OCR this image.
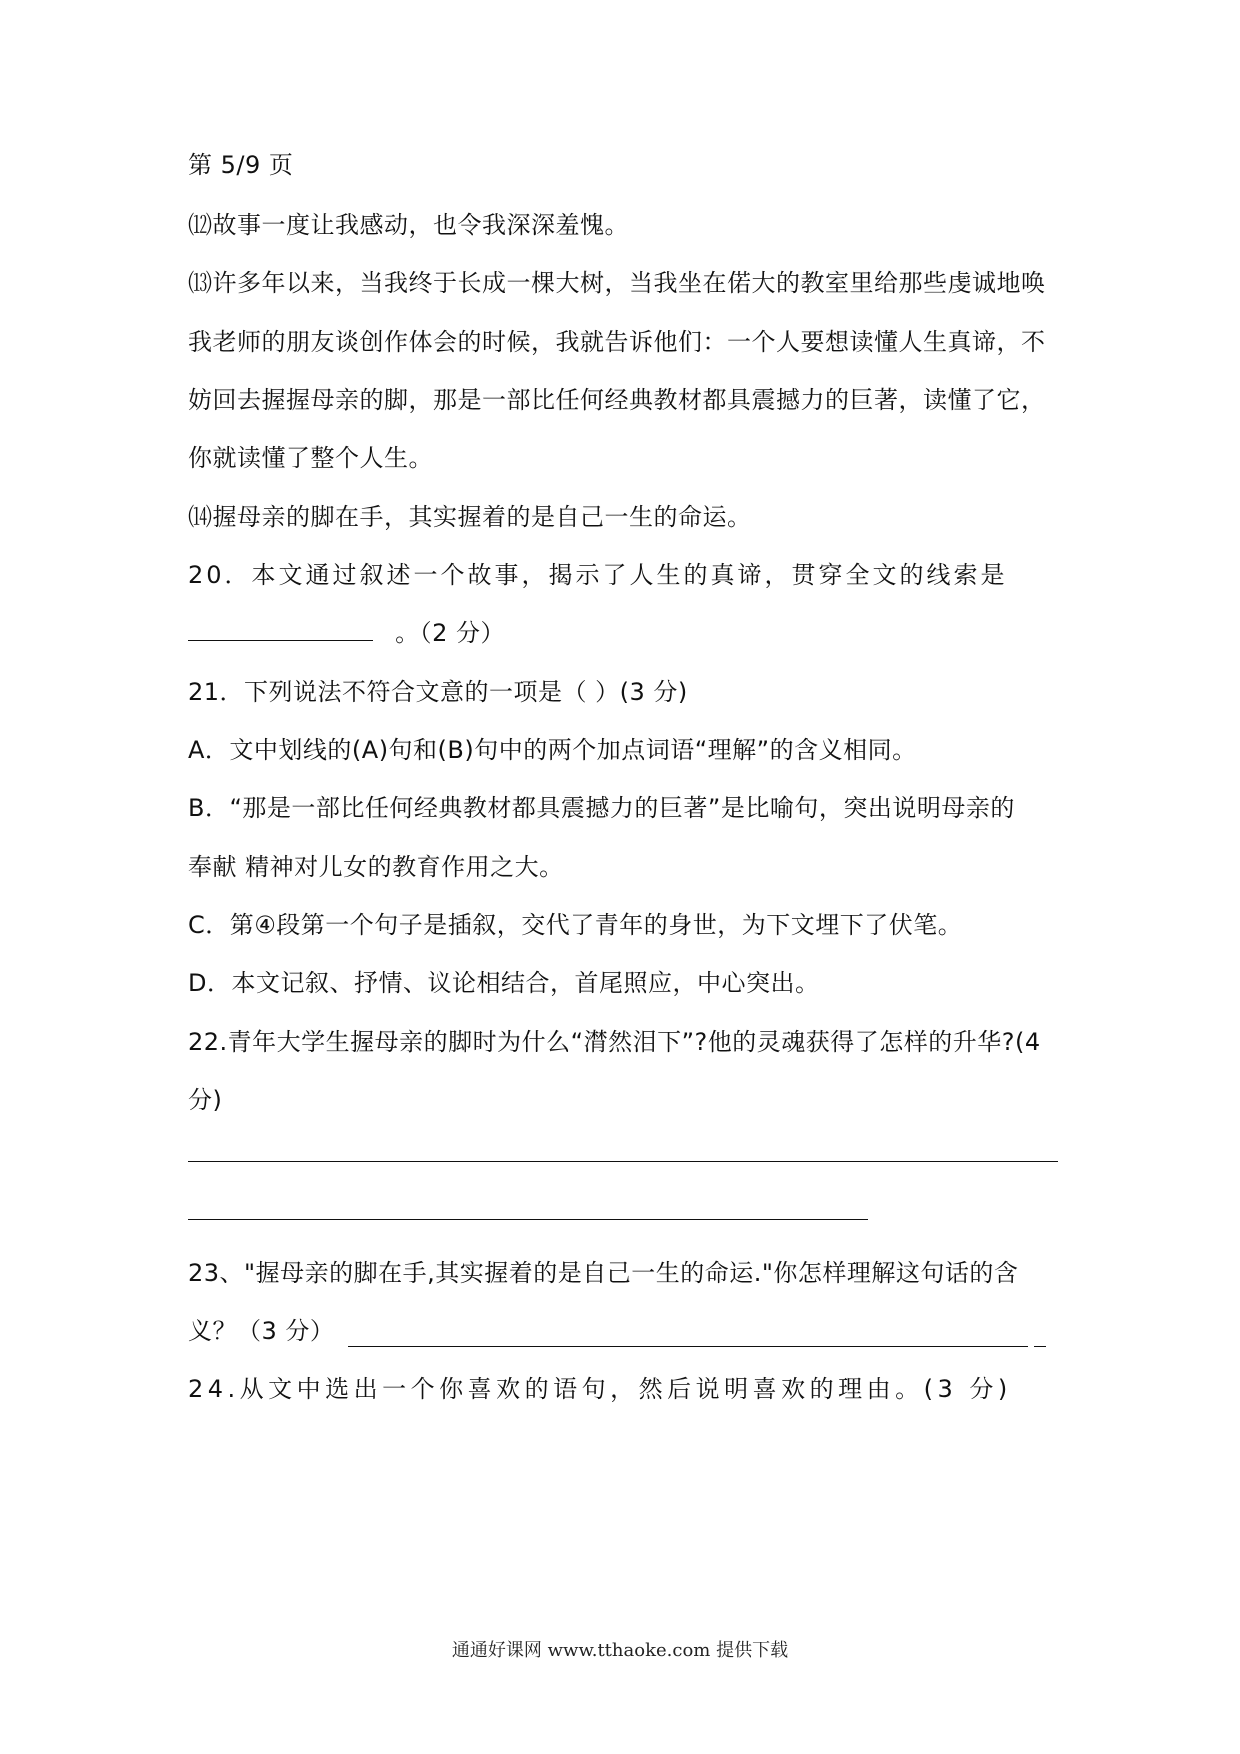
第 5/9 页

⑿故事一度让我感动，也令我深深羞愧。

⒀许多年以来，当我终于长成一棵大树，当我坐在偌大的教室里给那些虔诚地唤

我老师的朋友谈创作体会的时候，我就告诉他们：一个人要想读懂人生真谛，不

妨回去握握母亲的脚，那是一部比任何经典教材都具震撼力的巨著，读懂了它，

你就读懂了整个人生。

⒁握母亲的脚在手，其实握着的是自己一生的命运。

20．本文通过叙述一个故事，揭示了人生的真谛，贯穿全文的线索是

。（2 分）

21．下列说法不符合文意的一项是（ ）(3 分)

A．文中划线的(A)句和(B)句中的两个加点词语“理解”的含义相同。

B．“那是一部比任何经典教材都具震撼力的巨著”是比喻句，突出说明母亲的

奉献 精神对儿女的教育作用之大。

C．第④段第一个句子是插叙，交代了青年的身世，为下文埋下了伏笔。

D．本文记叙、抒情、议论相结合，首尾照应，中心突出。

22.青年大学生握母亲的脚时为什么“潸然泪下”?他的灵魂获得了怎样的升华?(4

分)

23、"握母亲的脚在手,其实握着的是自己一生的命运."你怎样理解这句话的含

义？（3 分）

24.从文中选出一个你喜欢的语句，然后说明喜欢的理由。(3 分)

通通好课网 www.tthaoke.com 提供下载
